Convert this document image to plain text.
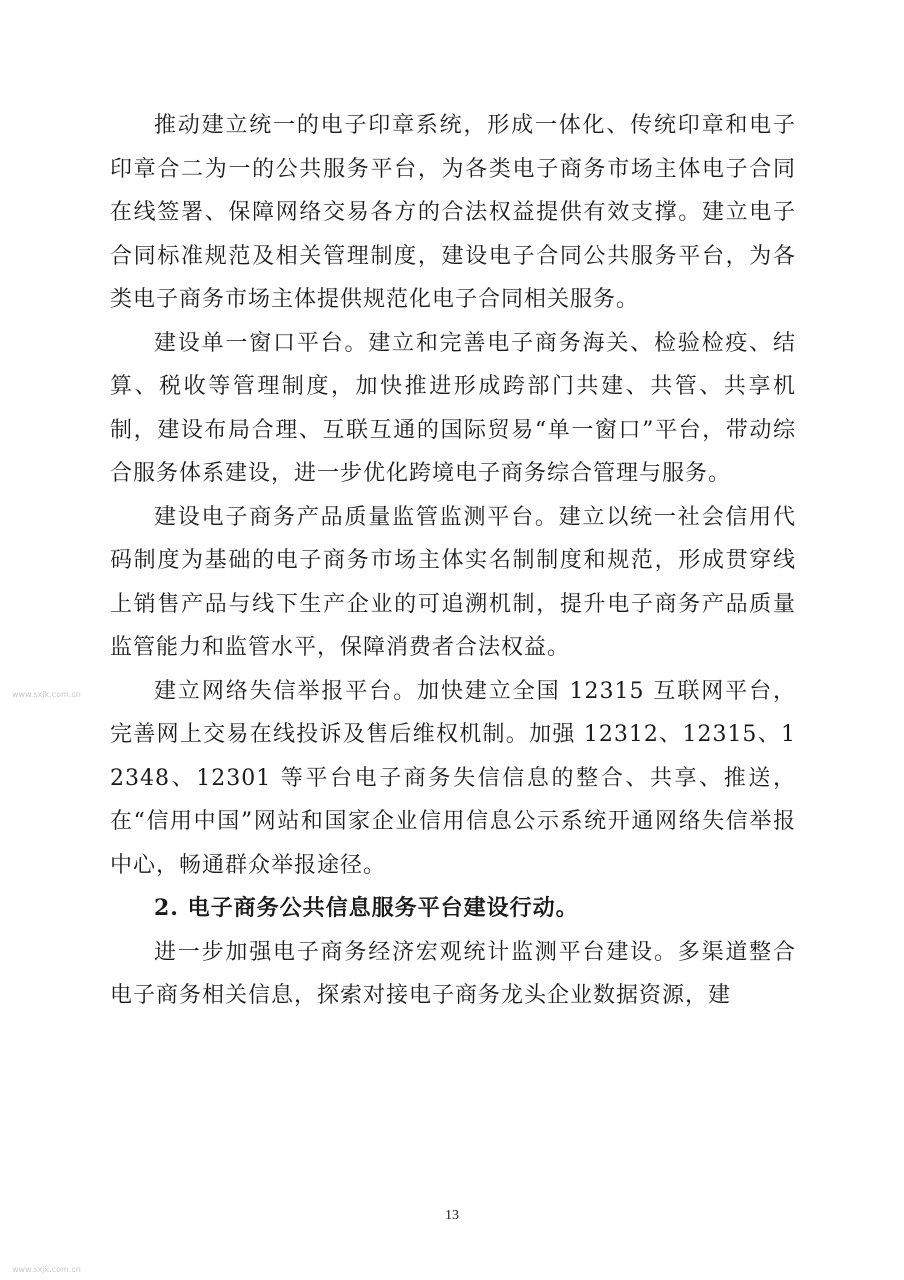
推动建立统一的电子印章系统，形成一体化、传统印章和电子印章合二为一的公共服务平台，为各类电子商务市场主体电子合同在线签署、保障网络交易各方的合法权益提供有效支撑。建立电子合同标准规范及相关管理制度，建设电子合同公共服务平台，为各类电子商务市场主体提供规范化电子合同相关服务。

建设单一窗口平台。建立和完善电子商务海关、检验检疫、结算、税收等管理制度，加快推进形成跨部门共建、共管、共享机制，建设布局合理、互联互通的国际贸易“单一窗口”平台，带动综合服务体系建设，进一步优化跨境电子商务综合管理与服务。

建设电子商务产品质量监管监测平台。建立以统一社会信用代码制度为基础的电子商务市场主体实名制制度和规范，形成贯穿线上销售产品与线下生产企业的可追溯机制，提升电子商务产品质量监管能力和监管水平，保障消费者合法权益。

建立网络失信举报平台。加快建立全国 12315 互联网平台，完善网上交易在线投诉及售后维权机制。加强 12312、12315、12348、12301 等平台电子商务失信信息的整合、共享、推送，在“信用中国”网站和国家企业信用信息公示系统开通网络失信举报中心，畅通群众举报途径。

2. 电子商务公共信息服务平台建设行动。

进一步加强电子商务经济宏观统计监测平台建设。多渠道整合电子商务相关信息，探索对接电子商务龙头企业数据资源，建

www.sxjk.com.cn
13
www.sxjk.com.cn
